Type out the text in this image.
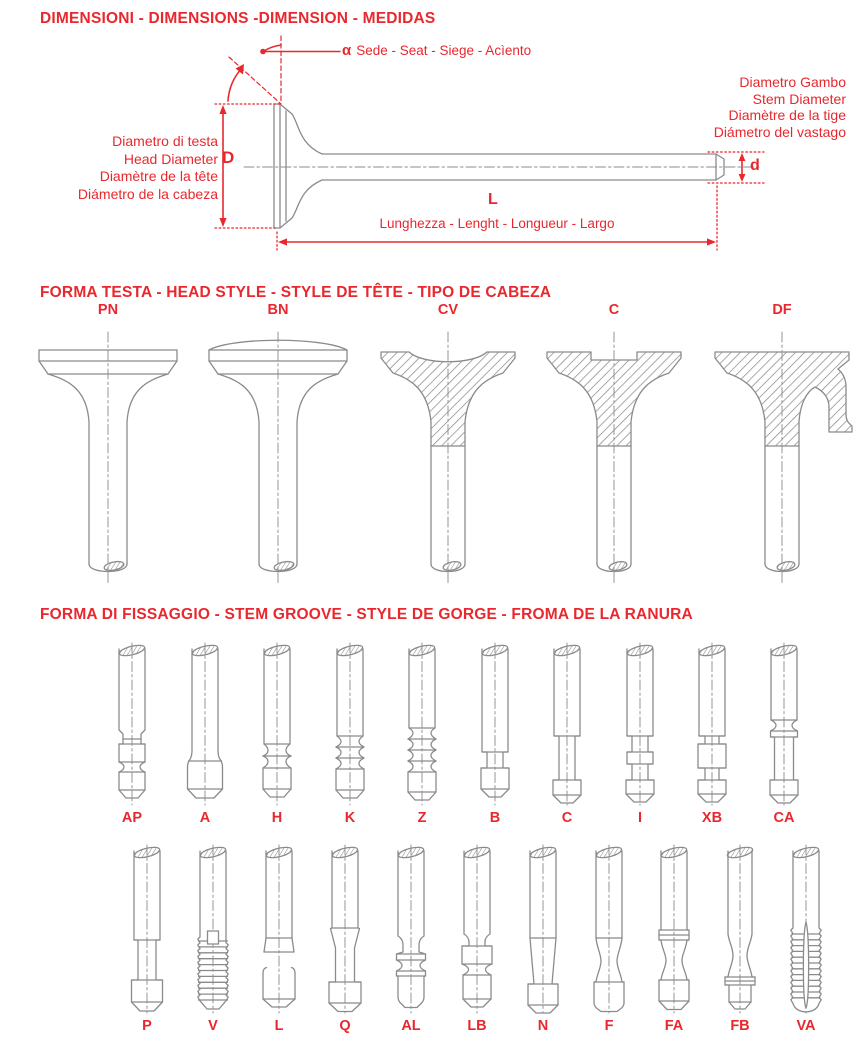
DIMENSIONI - DIMENSIONS -DIMENSION - MEDIDAS
α Sede - Seat - Siege - Acìento
Diametro Gambo
Stem Diameter
Diamètre de la tige
Diámetro del vastago
Diametro di testa
Head Diameter
Diamètre de la tête
Diámetro de la cabeza
D	d
L
Lunghezza - Lenght - Longueur - Largo
FORMA TESTA - HEAD STYLE - STYLE DE TÊTE - TIPO DE CABEZA
PN	BN	CV	C	DF
FORMA DI FISSAGGIO - STEM GROOVE - STYLE DE GORGE - FROMA DE LA RANURA
AP	A	H	K	Z	B	C	I	XB	CA
P	V	L	Q	AL	LB	N	F	FA	FB	VA
